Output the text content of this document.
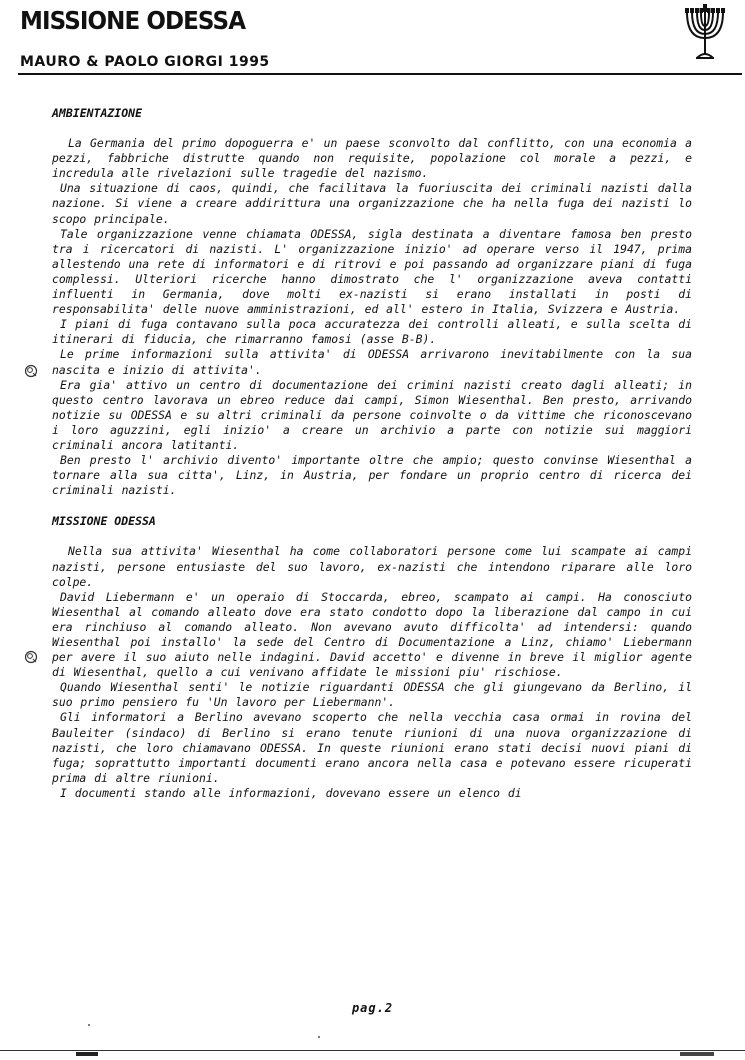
MISSIONE ODESSA
MAURO & PAOLO GIORGI 1995
AMBIENTAZIONE

La Germania del primo dopoguerra e' un paese sconvolto dal conflitto, con una economia a pezzi, fabbriche distrutte quando non requisite, popolazione col morale a pezzi, e incredula alle rivelazioni sulle tragedie del nazismo.

Una situazione di caos, quindi, che facilitava la fuoriuscita dei criminali nazisti dalla nazione. Si viene a creare addirittura una organizzazione che ha nella fuga dei nazisti lo scopo principale.

Tale organizzazione venne chiamata ODESSA, sigla destinata a diventare famosa ben presto tra i ricercatori di nazisti. L' organizzazione inizio' ad operare verso il 1947, prima allestendo una rete di informatori e di ritrovi e poi passando ad organizzare piani di fuga complessi. Ulteriori ricerche hanno dimostrato che l' organizzazione aveva contatti influenti in Germania, dove molti ex-nazisti si erano installati in posti di responsabilita' delle nuove amministrazioni, ed all' estero in Italia, Svizzera e Austria.

I piani di fuga contavano sulla poca accuratezza dei controlli alleati, e sulla scelta di itinerari di fiducia, che rimarranno famosi (asse B-B).

Le prime informazioni sulla attivita' di ODESSA arrivarono inevitabilmente con la sua nascita e inizio di attivita'.

Era gia' attivo un centro di documentazione dei crimini nazisti creato dagli alleati; in questo centro lavorava un ebreo reduce dai campi, Simon Wiesenthal. Ben presto, arrivando notizie su ODESSA e su altri criminali da persone coinvolte o da vittime che riconoscevano i loro aguzzini, egli inizio' a creare un archivio a parte con notizie sui maggiori criminali ancora latitanti.

Ben presto l' archivio divento' importante oltre che ampio; questo convinse Wiesenthal a tornare alla sua citta', Linz, in Austria, per fondare un proprio centro di ricerca dei criminali nazisti.

MISSIONE ODESSA

Nella sua attivita' Wiesenthal ha come collaboratori persone come lui scampate ai campi nazisti, persone entusiaste del suo lavoro, ex-nazisti che intendono riparare alle loro colpe.

David Liebermann e' un operaio di Stoccarda, ebreo, scampato ai campi. Ha conosciuto Wiesenthal al comando alleato dove era stato condotto dopo la liberazione dal campo in cui era rinchiuso al comando alleato. Non avevano avuto difficolta' ad intendersi: quando Wiesenthal poi installo' la sede del Centro di Documentazione a Linz, chiamo' Liebermann per avere il suo aiuto nelle indagini. David accetto' e divenne in breve il miglior agente di Wiesenthal, quello a cui venivano affidate le missioni piu' rischiose.

Quando Wiesenthal senti' le notizie riguardanti ODESSA che gli giungevano da Berlino, il suo primo pensiero fu 'Un lavoro per Liebermann'.

Gli informatori a Berlino avevano scoperto che nella vecchia casa ormai in rovina del Bauleiter (sindaco) di Berlino si erano tenute riunioni di una nuova organizzazione di nazisti, che loro chiamavano ODESSA. In queste riunioni erano stati decisi nuovi piani di fuga; soprattutto importanti documenti erano ancora nella casa e potevano essere ricuperati prima di altre riunioni.

I documenti stando alle informazioni, dovevano essere un elenco di

pag.2
